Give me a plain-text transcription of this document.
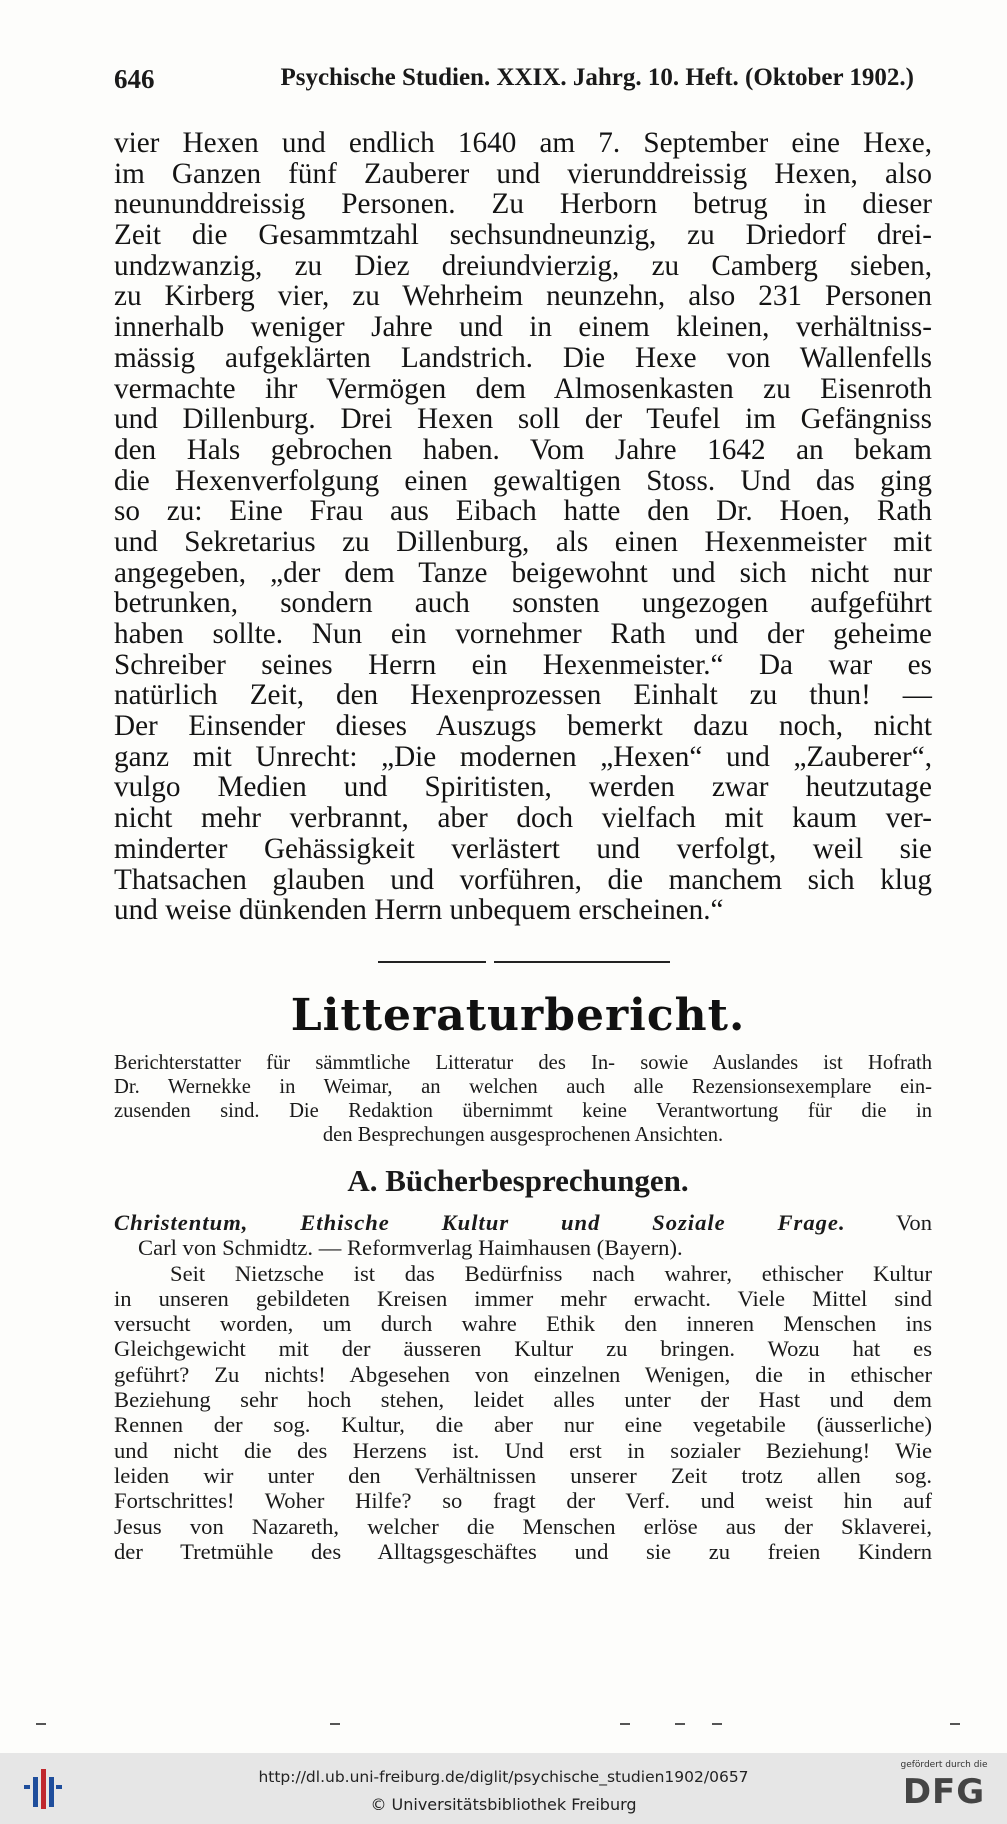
646	Psychische Studien. XXIX. Jahrg. 10. Heft. (Oktober 1902.)
vier Hexen und endlich 1640 am 7. September eine Hexe,
im Ganzen fünf Zauberer und vierunddreissig Hexen, also
neununddreissig Personen. Zu Herborn betrug in dieser
Zeit die Gesammtzahl sechsundneunzig, zu Driedorf drei-
undzwanzig, zu Diez dreiundvierzig, zu Camberg sieben,
zu Kirberg vier, zu Wehrheim neunzehn, also 231 Personen
innerhalb weniger Jahre und in einem kleinen, verhältniss-
mässig aufgeklärten Landstrich. Die Hexe von Wallenfells
vermachte ihr Vermögen dem Almosenkasten zu Eisenroth
und Dillenburg. Drei Hexen soll der Teufel im Gefängniss
den Hals gebrochen haben. Vom Jahre 1642 an bekam
die Hexenverfolgung einen gewaltigen Stoss. Und das ging
so zu: Eine Frau aus Eibach hatte den Dr. Hoen, Rath
und Sekretarius zu Dillenburg, als einen Hexenmeister mit
angegeben, „der dem Tanze beigewohnt und sich nicht nur
betrunken, sondern auch sonsten ungezogen aufgeführt
haben sollte. Nun ein vornehmer Rath und der geheime
Schreiber seines Herrn ein Hexenmeister.“ Da war es
natürlich Zeit, den Hexenprozessen Einhalt zu thun! —
Der Einsender dieses Auszugs bemerkt dazu noch, nicht
ganz mit Unrecht: „Die modernen „Hexen“ und „Zauberer“,
vulgo Medien und Spiritisten, werden zwar heutzutage
nicht mehr verbrannt, aber doch vielfach mit kaum ver-
minderter Gehässigkeit verlästert und verfolgt, weil sie
Thatsachen glauben und vorführen, die manchem sich klug
und weise dünkenden Herrn unbequem erscheinen.“
Litteraturbericht.
Berichterstatter für sämmtliche Litteratur des In- sowie Auslandes ist Hofrath
Dr. Wernekke in Weimar, an welchen auch alle Rezensionsexemplare ein-
zusenden sind. Die Redaktion übernimmt keine Verantwortung für die in
den Besprechungen ausgesprochenen Ansichten.
A. Bücherbesprechungen.
Christentum, Ethische Kultur und Soziale Frage. Von
Carl von Schmidtz. — Reformverlag Haimhausen (Bayern).
Seit Nietzsche ist das Bedürfniss nach wahrer, ethischer Kultur
in unseren gebildeten Kreisen immer mehr erwacht. Viele Mittel sind
versucht worden, um durch wahre Ethik den inneren Menschen ins
Gleichgewicht mit der äusseren Kultur zu bringen. Wozu hat es
geführt? Zu nichts! Abgesehen von einzelnen Wenigen, die in ethischer
Beziehung sehr hoch stehen, leidet alles unter der Hast und dem
Rennen der sog. Kultur, die aber nur eine vegetabile (äusserliche)
und nicht die des Herzens ist. Und erst in sozialer Beziehung! Wie
leiden wir unter den Verhältnissen unserer Zeit trotz allen sog.
Fortschrittes! Woher Hilfe? so fragt der Verf. und weist hin auf
Jesus von Nazareth, welcher die Menschen erlöse aus der Sklaverei,
der Tretmühle des Alltagsgeschäftes und sie zu freien Kindern
http://dl.ub.uni-freiburg.de/diglit/psychische_studien1902/0657
© Universitätsbibliothek Freiburg
gefördert durch die
DFG
